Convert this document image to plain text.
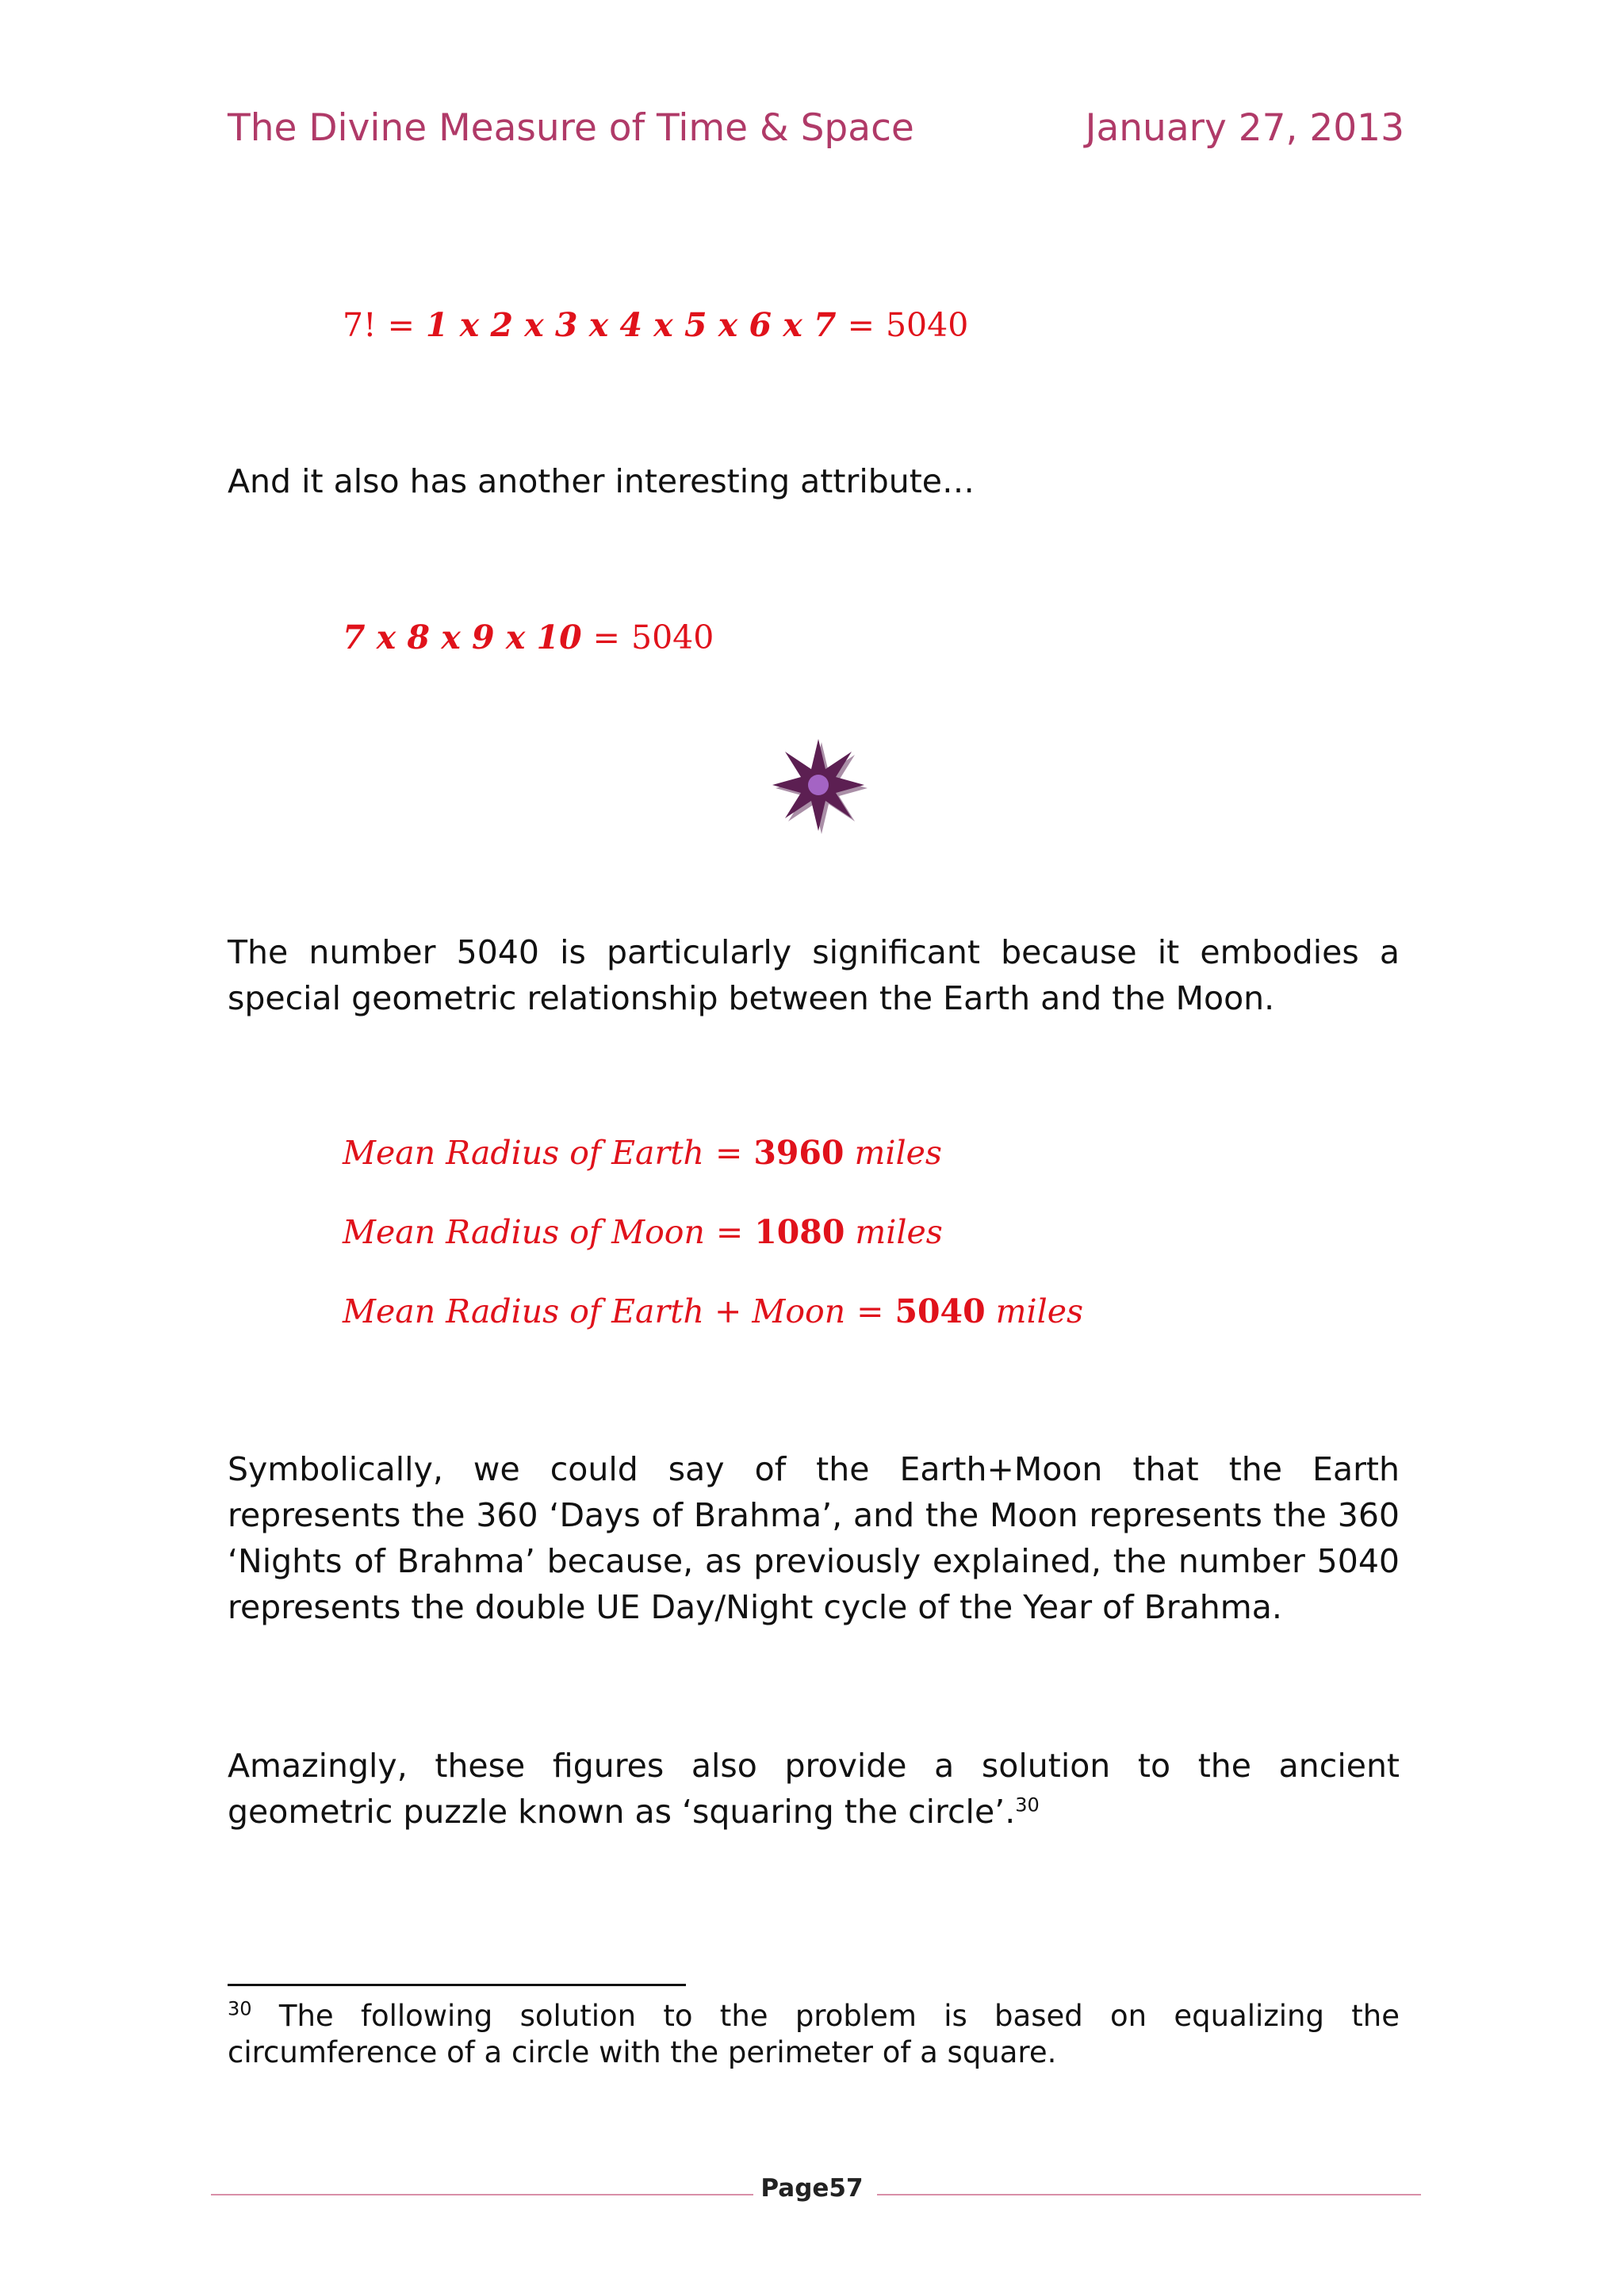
The Divine Measure of Time & Space	January 27, 2013
7! = 1 x 2 x 3 x 4 x 5 x 6 x 7 = 5040
And it also has another interesting attribute…
7 x 8 x 9 x 10 = 5040
The number 5040 is particularly significant because it embodies a special geometric relationship between the Earth and the Moon.
Mean Radius of Earth = 3960 miles
Mean Radius of Moon = 1080 miles
Mean Radius of Earth + Moon = 5040 miles
Symbolically, we could say of the Earth+Moon that the Earth represents the 360 ‘Days of Brahma’, and the Moon represents the 360 ‘Nights of Brahma’ because, as previously explained, the number 5040 represents the double UE Day/Night cycle of the Year of Brahma.
Amazingly, these figures also provide a solution to the ancient geometric puzzle known as ‘squaring the circle’.$^{30}$
$^{30}$ The following solution to the problem is based on equalizing the circumference of a circle with the perimeter of a square.
Page57
